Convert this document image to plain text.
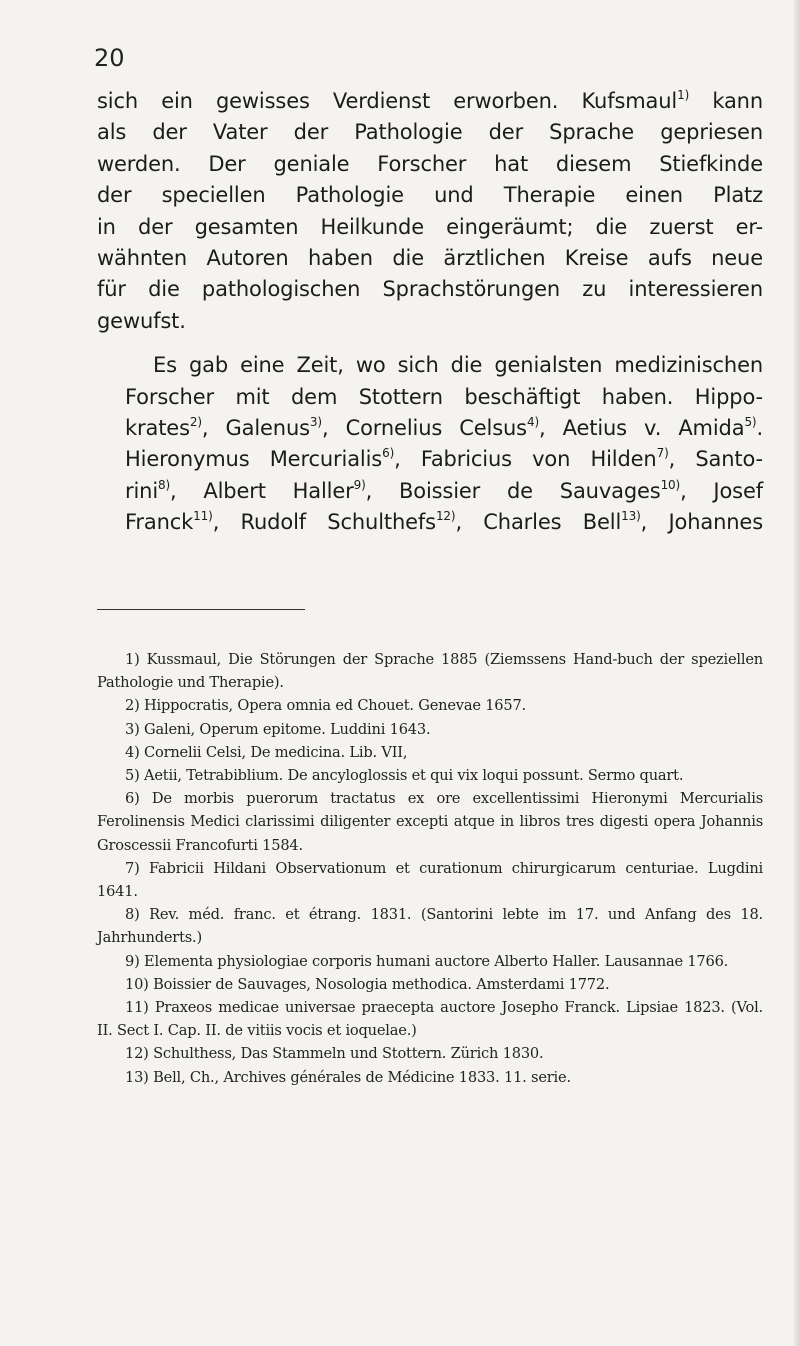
20
sich ein gewisses Verdienst erworben. Kufsmaul$^{1)}$ kann
als der Vater der Pathologie der Sprache gepriesen
werden. Der geniale Forscher hat diesem Stiefkinde
der speciellen Pathologie und Therapie einen Platz
in der gesamten Heilkunde eingeräumt; die zuerst er-
wähnten Autoren haben die ärztlichen Kreise aufs neue
für die pathologischen Sprachstörungen zu interessieren
gewufst.
Es gab eine Zeit, wo sich die genialsten medizinischen
Forscher mit dem Stottern beschäftigt haben. Hippo-
krates$^{2)}$, Galenus$^{3)}$, Cornelius Celsus$^{4)}$, Aetius v. Amida$^{5)}$.
Hieronymus Mercurialis$^{6)}$, Fabricius von Hilden$^{7)}$, Santo-
rini$^{8)}$, Albert Haller$^{9)}$, Boissier de Sauvages$^{10)}$, Josef
Franck$^{11)}$, Rudolf Schulthefs$^{12)}$, Charles Bell$^{13)}$, Johannes

1) Kussmaul, Die Störungen der Sprache 1885 (Ziemssens Hand-buch der speziellen Pathologie und Therapie).

2) Hippocratis, Opera omnia ed Chouet. Genevae 1657.

3) Galeni, Operum epitome. Luddini 1643.

4) Cornelii Celsi, De medicina. Lib. VII,

5) Aetii, Tetrabiblium. De ancyloglossis et qui vix loqui possunt. Sermo quart.

6) De morbis puerorum tractatus ex ore excellentissimi Hieronymi Mercurialis Ferolinensis Medici clarissimi diligenter excepti atque in libros tres digesti opera Johannis Groscessii Francofurti 1584.

7) Fabricii Hildani Observationum et curationum chirurgicarum centuriae. Lugdini 1641.

8) Rev. méd. franc. et étrang. 1831. (Santorini lebte im 17. und Anfang des 18. Jahrhunderts.)

9) Elementa physiologiae corporis humani auctore Alberto Haller. Lausannae 1766.

10) Boissier de Sauvages, Nosologia methodica. Amsterdami 1772.

11) Praxeos medicae universae praecepta auctore Josepho Franck. Lipsiae 1823. (Vol. II. Sect I. Cap. II. de vitiis vocis et ioquelae.)

12) Schulthess, Das Stammeln und Stottern. Zürich 1830.

13) Bell, Ch., Archives générales de Médicine 1833. 11. serie.
